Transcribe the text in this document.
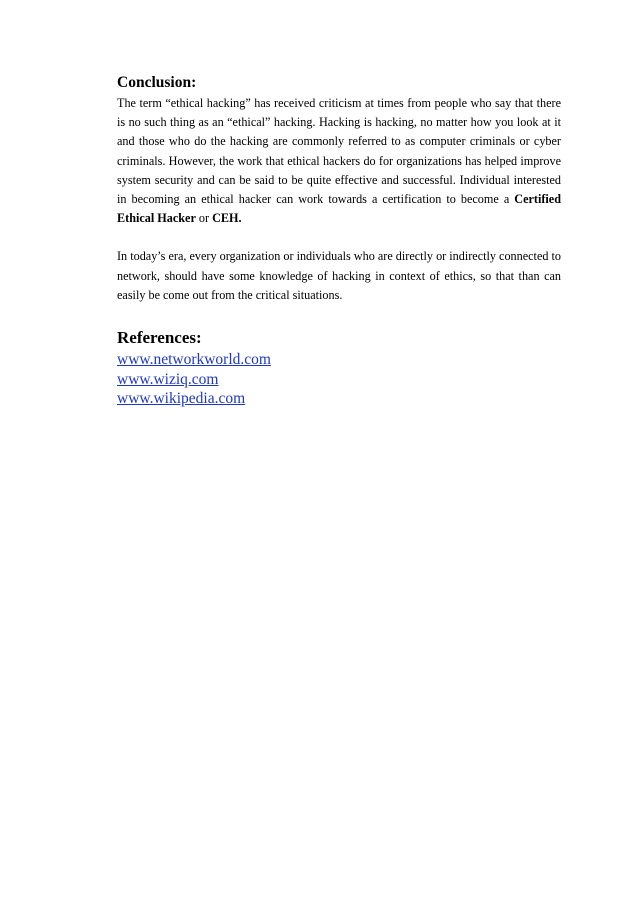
Conclusion:

The term “ethical hacking” has received criticism at times from people who say that there is no such thing as an “ethical” hacking. Hacking is hacking, no matter how you look at it and those who do the hacking are commonly referred to as computer criminals or cyber criminals. However, the work that ethical hackers do for organizations has helped improve system security and can be said to be quite effective and successful. Individual interested in becoming an ethical hacker can work towards a certification to become a Certified Ethical Hacker or CEH.

In today’s era, every organization or individuals who are directly or indirectly connected to network, should have some knowledge of hacking in context of ethics, so that than can easily be come out from the critical situations.

References:
www.networkworld.com
www.wiziq.com
www.wikipedia.com
